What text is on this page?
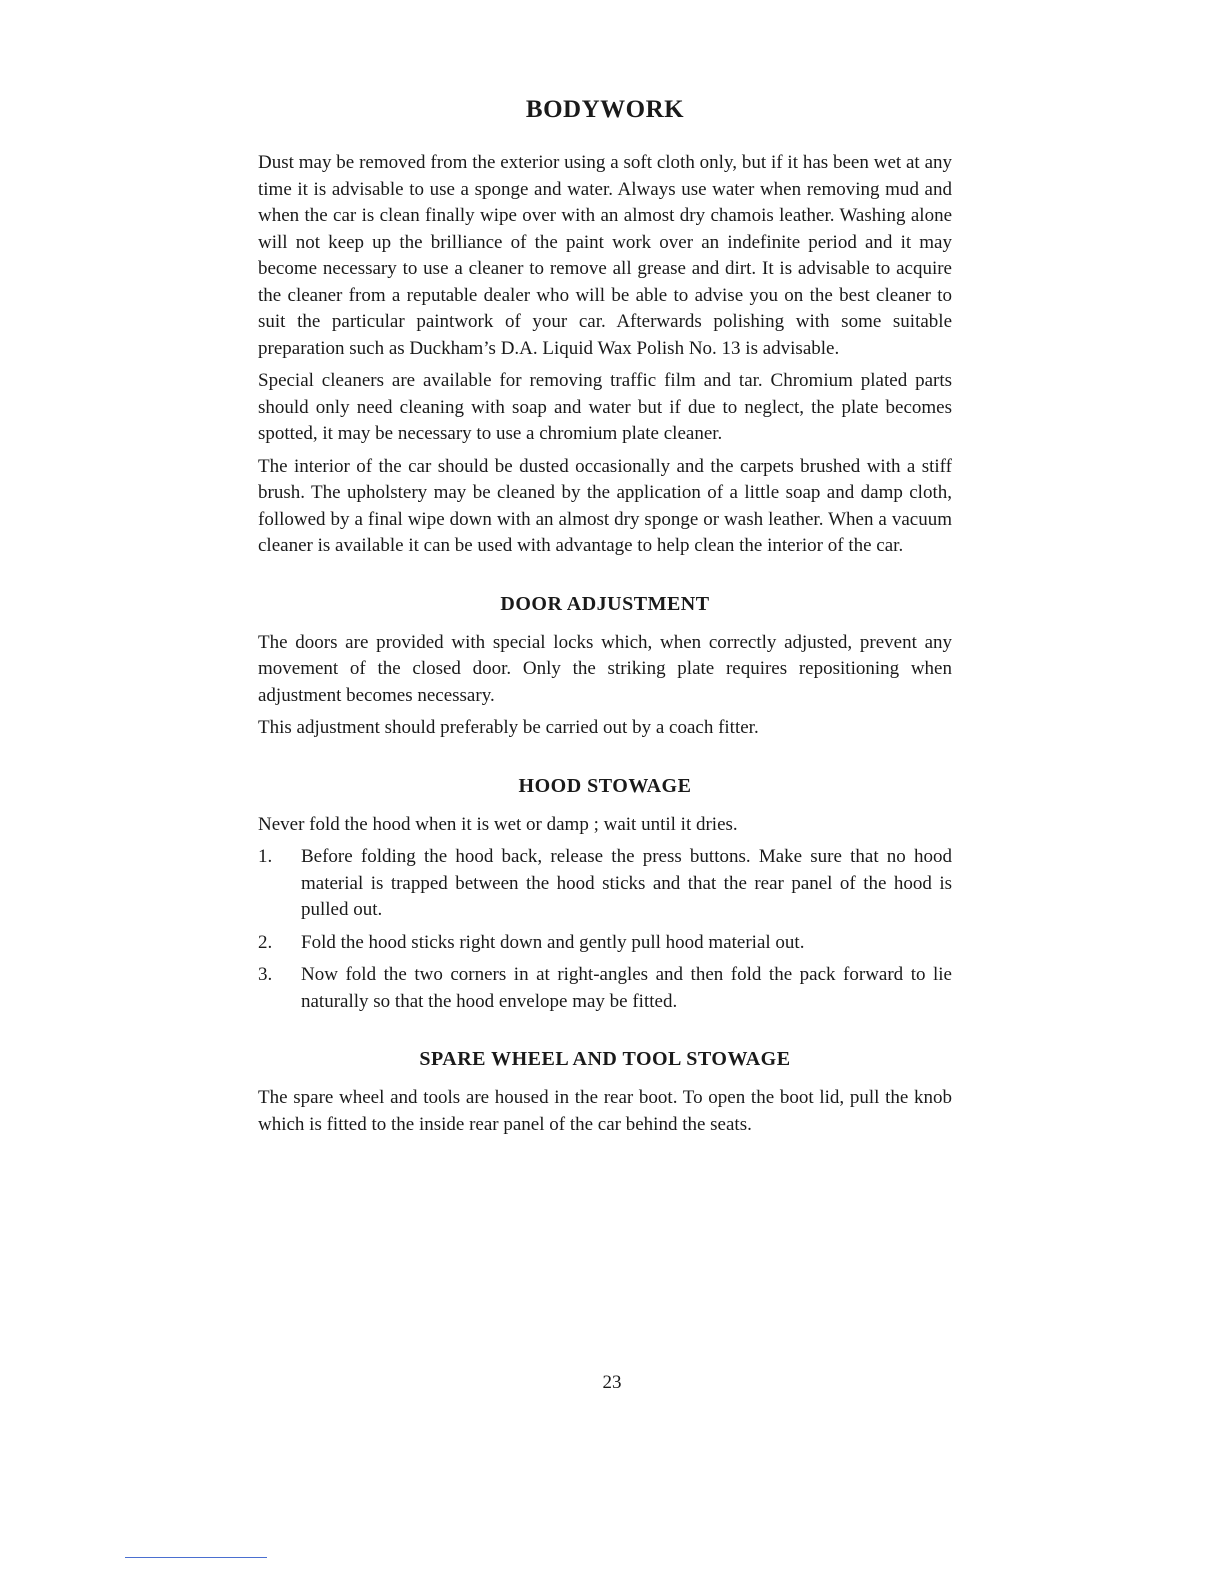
BODYWORK

Dust may be removed from the exterior using a soft cloth only, but if it has been wet at any time it is advisable to use a sponge and water. Always use water when removing mud and when the car is clean finally wipe over with an almost dry chamois leather. Washing alone will not keep up the brilliance of the paint work over an indefinite period and it may become necessary to use a cleaner to remove all grease and dirt. It is advisable to acquire the cleaner from a reputable dealer who will be able to advise you on the best cleaner to suit the particular paintwork of your car. Afterwards polishing with some suitable preparation such as Duckham’s D.A. Liquid Wax Polish No. 13 is advisable.

Special cleaners are available for removing traffic film and tar. Chromium plated parts should only need cleaning with soap and water but if due to neglect, the plate becomes spotted, it may be necessary to use a chromium plate cleaner.

The interior of the car should be dusted occasionally and the carpets brushed with a stiff brush. The upholstery may be cleaned by the application of a little soap and damp cloth, followed by a final wipe down with an almost dry sponge or wash leather. When a vacuum cleaner is available it can be used with advantage to help clean the interior of the car.

DOOR ADJUSTMENT

The doors are provided with special locks which, when correctly adjusted, prevent any movement of the closed door. Only the striking plate requires repositioning when adjustment becomes necessary.

This adjustment should preferably be carried out by a coach fitter.

HOOD STOWAGE

Never fold the hood when it is wet or damp ; wait until it dries.

1.	Before folding the hood back, release the press buttons. Make sure that no hood material is trapped between the hood sticks and that the rear panel of the hood is pulled out.
2.	Fold the hood sticks right down and gently pull hood material out.
3.	Now fold the two corners in at right-angles and then fold the pack forward to lie naturally so that the hood envelope may be fitted.
SPARE WHEEL AND TOOL STOWAGE

The spare wheel and tools are housed in the rear boot. To open the boot lid, pull the knob which is fitted to the inside rear panel of the car behind the seats.

23
